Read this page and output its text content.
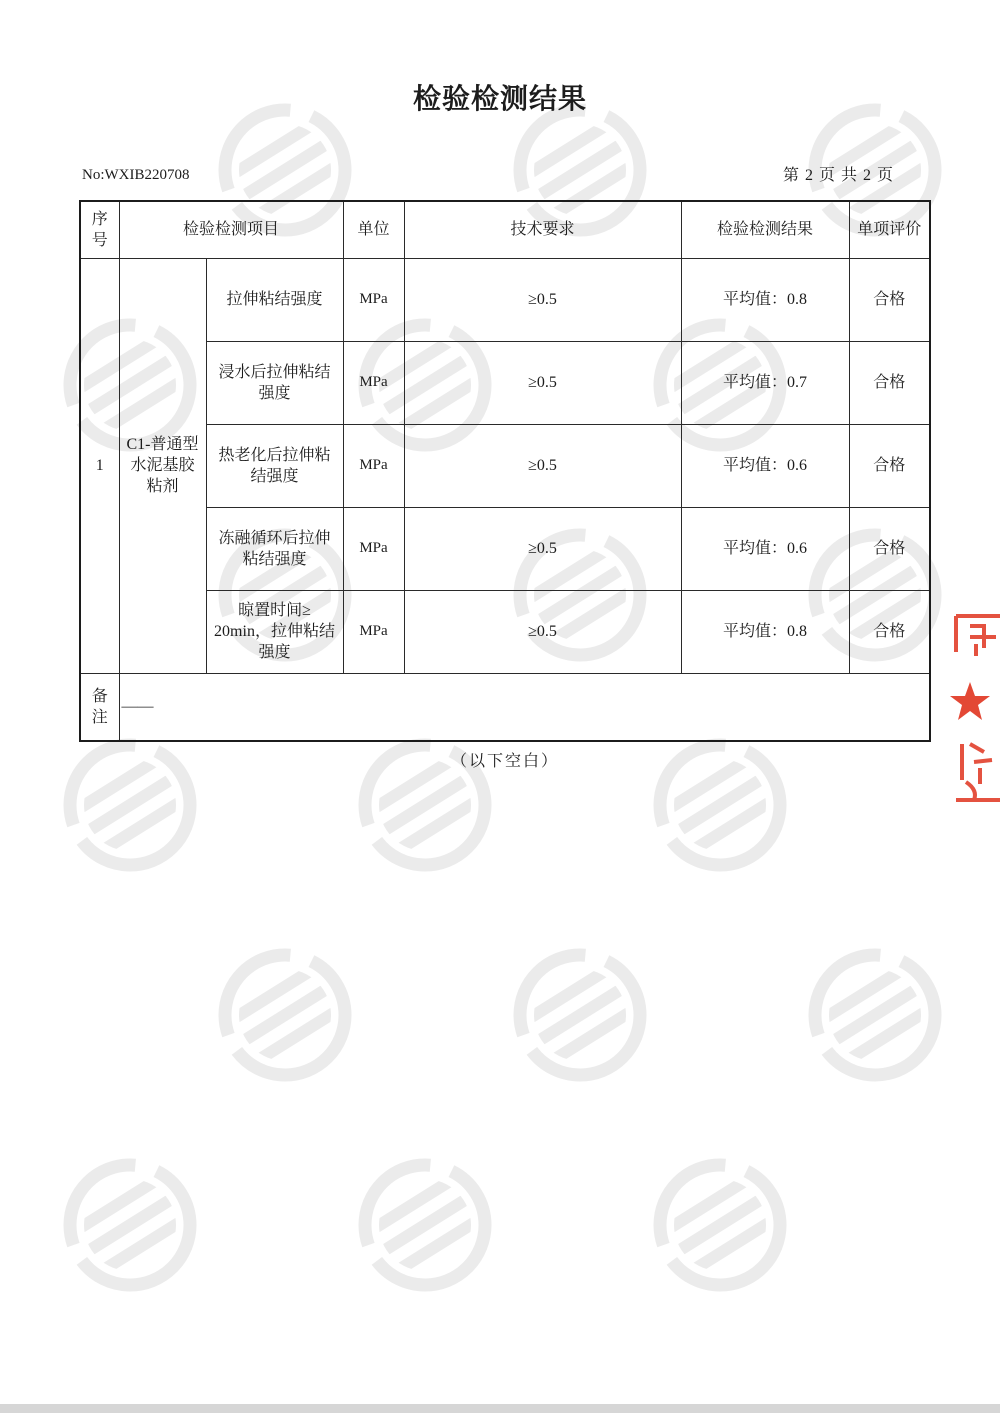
检验检测结果
No:WXIB220708	第 2 页 共 2 页
序号	检验检测项目		单位	技术要求	检验检测结果	单项评价
1	C1-普通型
水泥基胶
粘剂	拉伸粘结强度	MPa	≥0.5	平均值：0.8	合格

		浸水后拉伸粘结
强度	MPa	≥0.5	平均值：0.7	合格

		热老化后拉伸粘
结强度	MPa	≥0.5	平均值：0.6	合格

		冻融循环后拉伸
粘结强度	MPa	≥0.5	平均值：0.6	合格

		晾置时间≥
20min，拉伸粘结
强度	MPa	≥0.5	平均值：0.8	合格
备注	——					
（以下空白）
